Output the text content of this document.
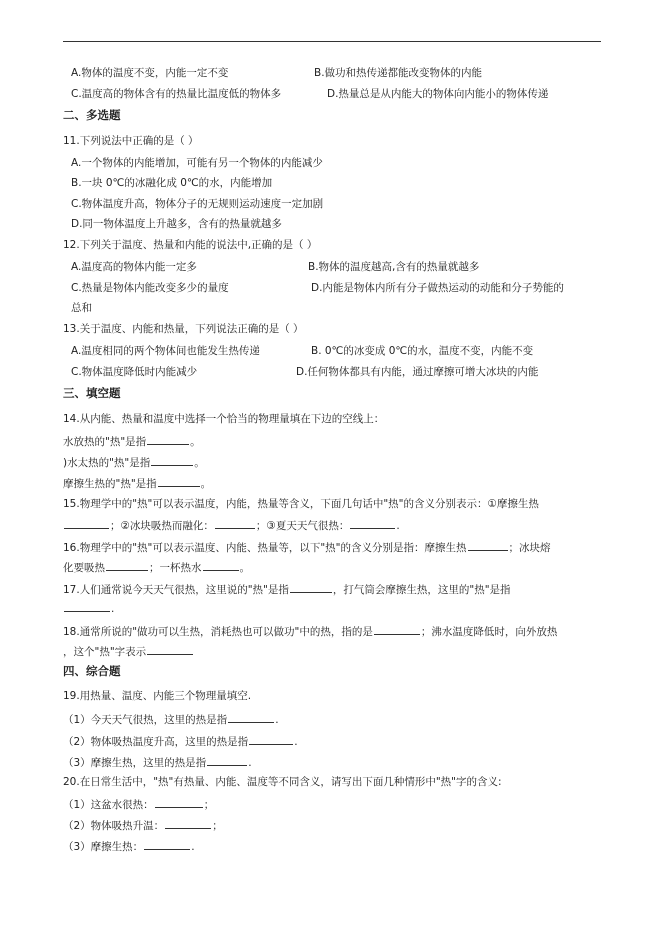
A.物体的温度不变，内能一定不变	B.做功和热传递都能改变物体的内能
C.温度高的物体含有的热量比温度低的物体多	D.热量总是从内能大的物体向内能小的物体传递
二、多选题
11.下列说法中正确的是（ ）
A.一个物体的内能增加，可能有另一个物体的内能减少
B.一块 0℃的冰融化成 0℃的水，内能增加
C.物体温度升高，物体分子的无规则运动速度一定加剧
D.同一物体温度上升越多，含有的热量就越多
12.下列关于温度、热量和内能的说法中,正确的是（ ）
A.温度高的物体内能一定多	B.物体的温度越高,含有的热量就越多
C.热量是物体内能改变多少的量度	D.内能是物体内所有分子做热运动的动能和分子势能的
总和
13.关于温度、内能和热量，下列说法正确的是（ ）
A.温度相同的两个物体间也能发生热传递	B. 0℃的冰变成 0℃的水，温度不变，内能不变
C.物体温度降低时内能减少	D.任何物体都具有内能，通过摩擦可增大冰块的内能
三、填空题
14.从内能、热量和温度中选择一个恰当的物理量填在下边的空线上：
水放热的"热"是指	。
)水太热的"热"是指	。
摩擦生热的"热"是指	。
15.物理学中的"热"可以表示温度，内能，热量等含义，下面几句话中"热"的含义分别表示：①摩擦生热
；②冰块吸热而融化：	；③夏天天气很热：	.
16.物理学中的"热"可以表示温度、内能、热量等，以下"热"的含义分别是指：摩擦生热	；冰块熔
化要吸热	；一杯热水	。
17.人们通常说今天天气很热，这里说的"热"是指	，打气筒会摩擦生热，这里的"热"是指
.
18.通常所说的"做功可以生热，消耗热也可以做功"中的热，指的是	；沸水温度降低时，向外放热
，这个"热"字表示
四、综合题
19.用热量、温度、内能三个物理量填空.
（1）今天天气很热，这里的热是指	.
（2）物体吸热温度升高，这里的热是指	.
（3）摩擦生热，这里的热是指	.
20.在日常生活中，"热"有热量、内能、温度等不同含义，请写出下面几种情形中"热"字的含义:
（1）这盆水很热：	；
（2）物体吸热升温：	；
（3）摩擦生热：	.
